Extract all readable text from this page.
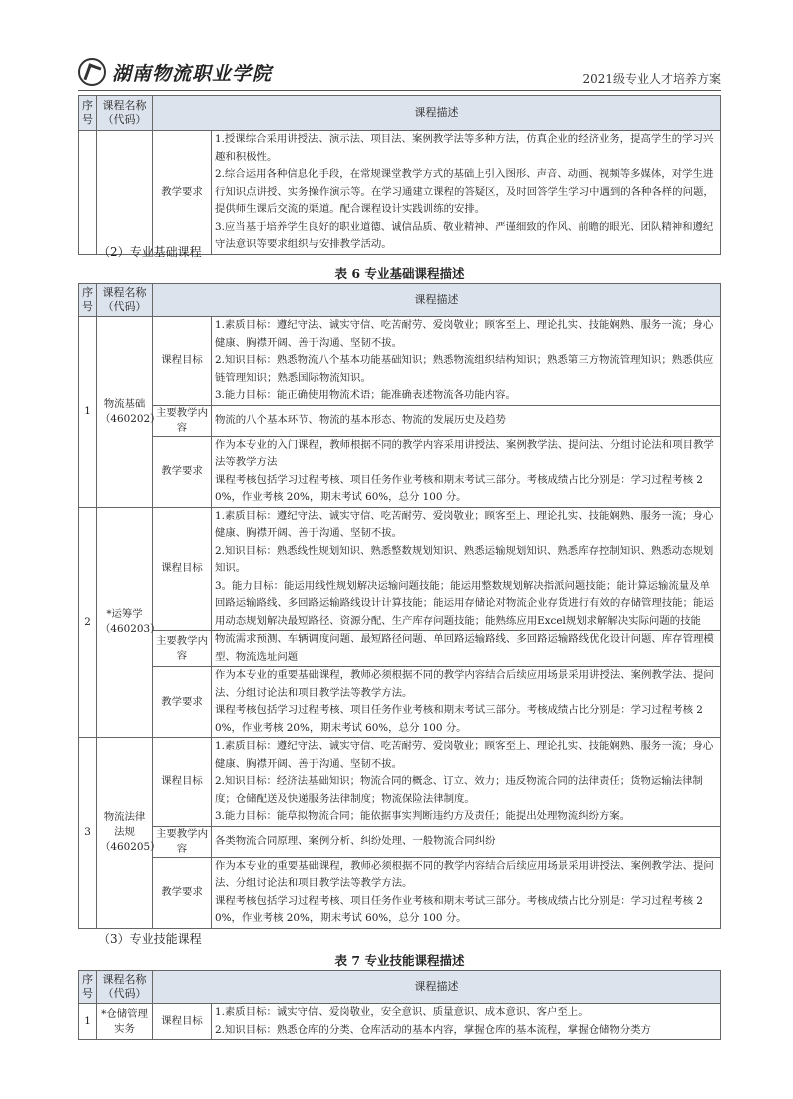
湖南物流职业学院	2021级专业人才培养方案
序号	课程名称（代码）	课程描述	
		教学要求	1.授课综合采用讲授法、演示法、项目法、案例教学法等多种方法，仿真企业的经济业务，提高学生的学习兴趣和积极性。
2.综合运用各种信息化手段，在常规课堂教学方式的基础上引入图形、声音、动画、视频等多媒体，对学生进行知识点讲授、实务操作演示等。在学习通建立课程的答疑区，及时回答学生学习中遇到的各种各样的问题，提供师生课后交流的渠道。配合课程设计实践训练的安排。
3.应当基于培养学生良好的职业道德、诚信品质、敬业精神、严谨细致的作风、前瞻的眼光、团队精神和遵纪守法意识等要求组织与安排教学活动。
（2）专业基础课程
表 6 专业基础课程描述
序号	课程名称（代码）	课程描述	
1	物流基础（460202）	课程目标	1.素质目标：遵纪守法、诚实守信、吃苦耐劳、爱岗敬业；顾客至上、理论扎实、技能娴熟、服务一流；身心健康、胸襟开阔、善于沟通、坚韧不拔。
2.知识目标：熟悉物流八个基本功能基础知识；熟悉物流组织结构知识；熟悉第三方物流管理知识；熟悉供应链管理知识；熟悉国际物流知识。
3.能力目标：能正确使用物流术语；能准确表述物流各功能内容。

		主要教学内容	物流的八个基本环节、物流的基本形态、物流的发展历史及趋势
		教学要求	作为本专业的入门课程，教师根据不同的教学内容采用讲授法、案例教学法、提问法、分组讨论法和项目教学法等教学方法
课程考核包括学习过程考核、项目任务作业考核和期末考试三部分。考核成绩占比分别是：学习过程考核 20%，作业考核 20%，期末考试 60%，总分 100 分。

2	*运筹学（460203）	课程目标	1.素质目标：遵纪守法、诚实守信、吃苦耐劳、爱岗敬业；顾客至上、理论扎实、技能娴熟、服务一流；身心健康、胸襟开阔、善于沟通、坚韧不拔。
2.知识目标：熟悉线性规划知识、熟悉整数规划知识、熟悉运输规划知识、熟悉库存控制知识、熟悉动态规划知识。
3。能力目标：能运用线性规划解决运输问题技能；能运用整数规划解决指派问题技能；能计算运输流量及单回路运输路线、多回路运输路线设计计算技能；能运用存储论对物流企业存货进行有效的存储管理技能；能运用动态规划解决最短路径、资源分配、生产库存问题技能；能熟练应用Excel规划求解解决实际问题的技能

		主要教学内容	物流需求预测、车辆调度问题、最短路径问题、单回路运输路线、多回路运输路线优化设计问题、库存管理模型、物流选址问题
		教学要求	作为本专业的重要基础课程，教师必须根据不同的教学内容结合后续应用场景采用讲授法、案例教学法、提问法、分组讨论法和项目教学法等教学方法。
课程考核包括学习过程考核、项目任务作业考核和期末考试三部分。考核成绩占比分别是：学习过程考核 20%，作业考核 20%，期末考试 60%，总分 100 分。

3	物流法律法规（460205）	课程目标	1.素质目标：遵纪守法、诚实守信、吃苦耐劳、爱岗敬业；顾客至上、理论扎实、技能娴熟、服务一流；身心健康、胸襟开阔、善于沟通、坚韧不拔。
2.知识目标：经济法基础知识；物流合同的概念、订立、效力；违反物流合同的法律责任；货物运输法律制度；仓储配送及快递服务法律制度；物流保险法律制度。
3.能力目标：能草拟物流合同；能依据事实判断违约方及责任；能提出处理物流纠纷方案。

		主要教学内容	各类物流合同原理、案例分析、纠纷处理、一般物流合同纠纷
		教学要求	作为本专业的重要基础课程，教师必须根据不同的教学内容结合后续应用场景采用讲授法、案例教学法、提问法、分组讨论法和项目教学法等教学方法。
课程考核包括学习过程考核、项目任务作业考核和期末考试三部分。考核成绩占比分别是：学习过程考核 20%，作业考核 20%，期末考试 60%，总分 100 分。
（3）专业技能课程
表 7 专业技能课程描述
序号	课程名称（代码）	课程描述	
1	*仓储管理实务	课程目标	1.素质目标：诚实守信、爱岗敬业，安全意识、质量意识、成本意识、客户至上。
2.知识目标：熟悉仓库的分类、仓库活动的基本内容，掌握仓库的基本流程，掌握仓储物分类方
